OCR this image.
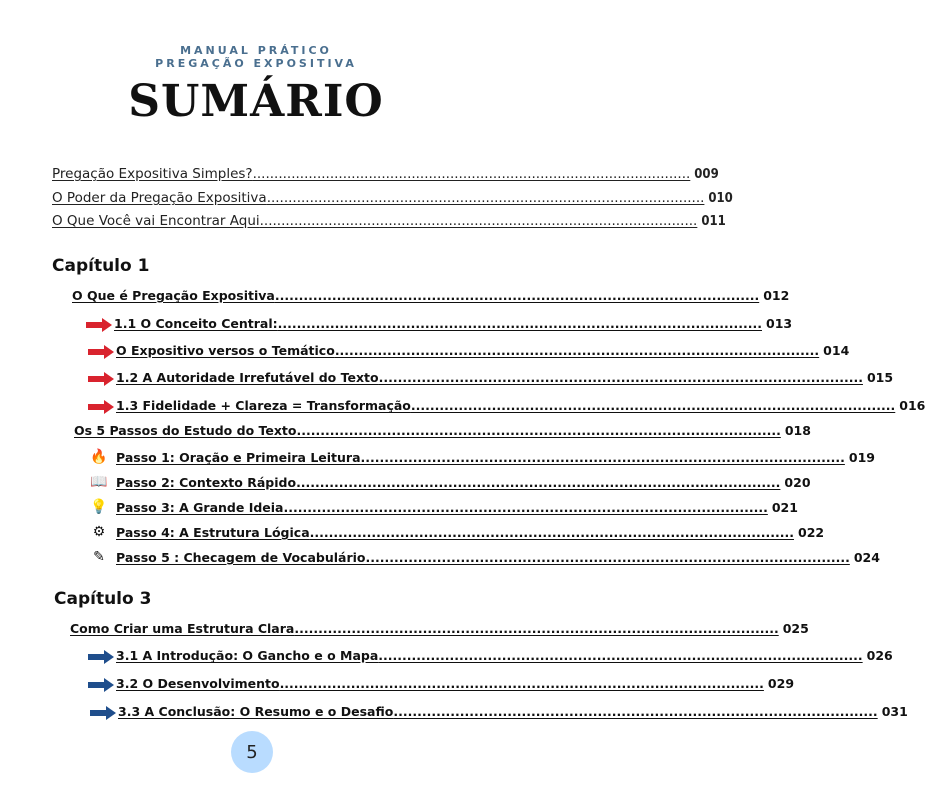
MANUAL PRÁTICO
PREGAÇÃO EXPOSITIVA
SUMÁRIO
Pregação Expositiva Simples? ...................................................................................................... 009
O Poder da Pregação Expositiva ...................................................................................................... 010
O Que Você vai Encontrar Aqui ...................................................................................................... 011
Capítulo 1
O Que é Pregação Expositiva ...................................................................................................... 012
1.1 O Conceito Central: ...................................................................................................... 013
O Expositivo versos o Temático ...................................................................................................... 014
1.2 A Autoridade Irrefutável do Texto ...................................................................................................... 015
1.3 Fidelidade + Clareza = Transformação ...................................................................................................... 016
Os 5 Passos do Estudo do Texto ...................................................................................................... 018
🔥 Passo 1: Oração e Primeira Leitura ...................................................................................................... 019
📖 Passo 2: Contexto Rápido ...................................................................................................... 020
💡 Passo 3: A Grande Ideia ...................................................................................................... 021
⚙ Passo 4: A Estrutura Lógica ...................................................................................................... 022
✎ Passo 5 : Checagem de Vocabulário ...................................................................................................... 024
Capítulo 3
Como Criar uma Estrutura Clara ...................................................................................................... 025
3.1 A Introdução: O Gancho e o Mapa ...................................................................................................... 026
3.2 O Desenvolvimento ...................................................................................................... 029
3.3 A Conclusão: O Resumo e o Desafio ...................................................................................................... 031
5
